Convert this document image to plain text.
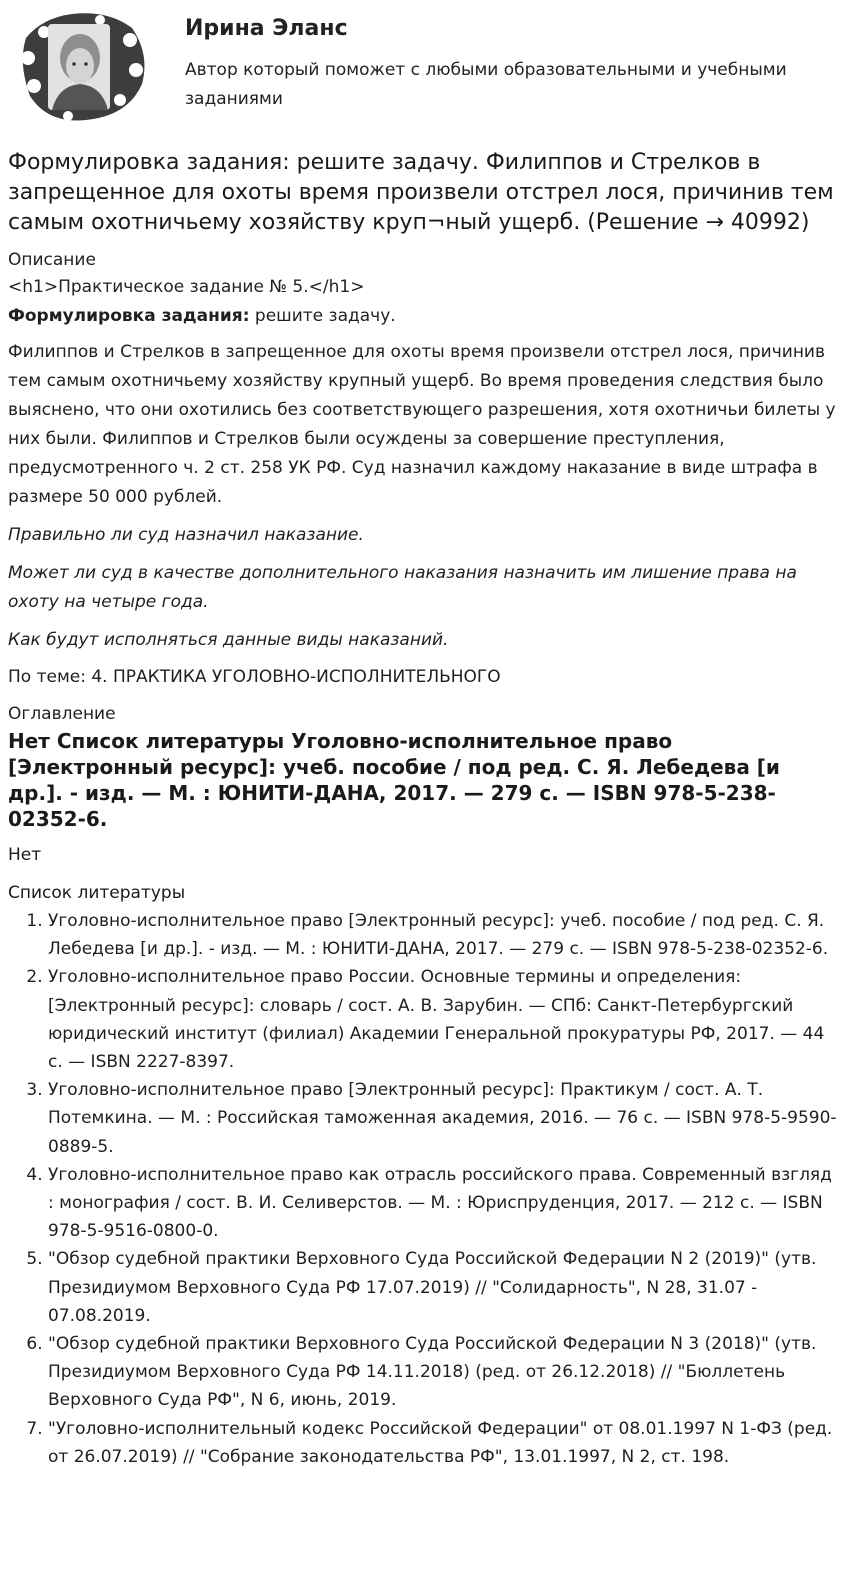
Ирина Эланс
Автор который поможет с любыми образовательными и учебными заданиями
Формулировка задания: решите задачу. Филиппов и Стрелков в запрещенное для охоты время произвели отстрел лося, причинив тем самым охотничьему хозяйству круп¬ный ущерб. (Решение → 40992)
Описание
<h1>Практическое задание № 5.</h1>

Формулировка задания: решите задачу.

Филиппов и Стрелков в запрещенное для охоты время произвели отстрел лося, причинив тем самым охотничьему хозяйству крупный ущерб. Во время проведения следствия было выяснено, что они охотились без соответствующего разрешения, хотя охотничьи билеты у них были. Филиппов и Стрелков были осуждены за совершение преступления, предусмотренного ч. 2 ст. 258 УК РФ. Суд назначил каждому наказание в виде штрафа в размере 50 000 рублей.

Правильно ли суд назначил наказание.

Может ли суд в качестве дополнительного наказания назначить им лишение права на охоту на четыре года.

Как будут исполняться данные виды наказаний.

По теме: 4. ПРАКТИКА УГОЛОВНО-ИСПОЛНИТЕЛЬНОГО

Оглавление
Нет Список литературы Уголовно-исполнительное право [Электронный ресурс]: учеб. пособие / под ред. С. Я. Лебедева [и др.]. - изд. — М. : ЮНИТИ-ДАНА, 2017. — 279 с. — ISBN 978-5-238-02352-6.
Нет
Список литературы
1. Уголовно-исполнительное право [Электронный ресурс]: учеб. пособие / под ред. С. Я. Лебедева [и др.]. - изд. — М. : ЮНИТИ-ДАНА, 2017. — 279 с. — ISBN 978-5-238-02352-6.
2. Уголовно-исполнительное право России. Основные термины и определения: [Электронный ресурс]: словарь / сост. А. В. Зарубин. — СПб: Санкт-Петербургский юридический институт (филиал) Академии Генеральной прокуратуры РФ, 2017. — 44 с. — ISBN 2227-8397.
3. Уголовно-исполнительное право [Электронный ресурс]: Практикум / сост. А. Т. Потемкина. — М. : Российская таможенная академия, 2016. — 76 с. — ISBN 978-5-9590-0889-5.
4. Уголовно-исполнительное право как отрасль российского права. Современный взгляд : монография / сост. В. И. Селиверстов. — М. : Юриспруденция, 2017. — 212 с. — ISBN 978-5-9516-0800-0.
5. "Обзор судебной практики Верховного Суда Российской Федерации N 2 (2019)" (утв. Президиумом Верховного Суда РФ 17.07.2019) // "Солидарность", N 28, 31.07 - 07.08.2019.
6. "Обзор судебной практики Верховного Суда Российской Федерации N 3 (2018)" (утв. Президиумом Верховного Суда РФ 14.11.2018) (ред. от 26.12.2018) // "Бюллетень Верховного Суда РФ", N 6, июнь, 2019.
7. "Уголовно-исполнительный кодекс Российской Федерации" от 08.01.1997 N 1-ФЗ (ред. от 26.07.2019) // "Собрание законодательства РФ", 13.01.1997, N 2, ст. 198.
